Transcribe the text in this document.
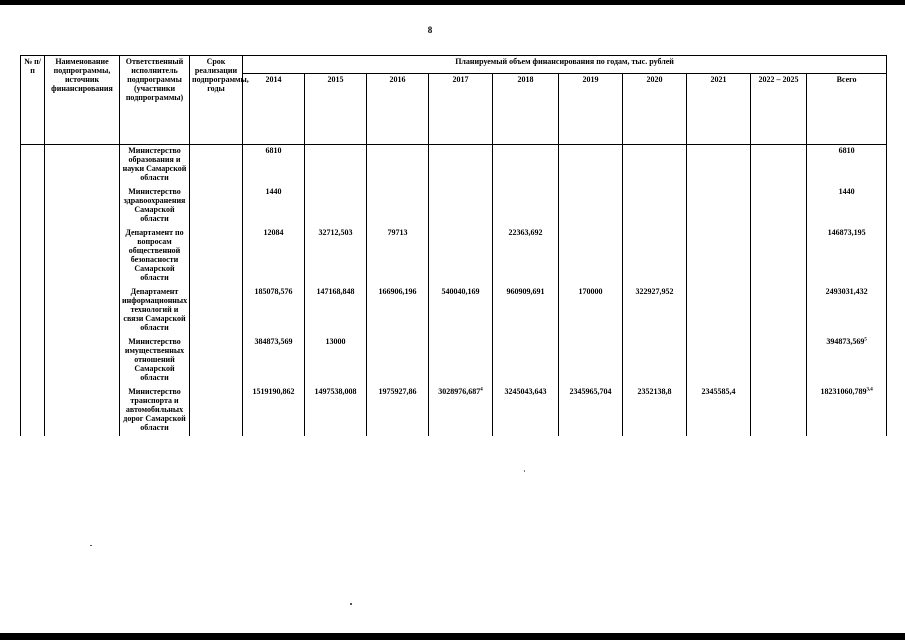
8
№ п/п	Наименование подпрограммы, источник финансирования	Ответственный исполнитель подпрограммы (участники подпрограммы)	Срок реализации подпрограммы, годы	Планируемый объем финансирования по годам, тыс. рублей									
				2014	2015	2016	2017	2018	2019	2020	2021	2022 – 2025	Всего
		Министерство образования и науки Самарской области		6810									6810
		Министерство здравоохранения Самарской области		1440									1440
		Департамент по вопросам общественной безопасности Самарской области		12084	32712,503	79713		22363,692					146873,195
		Департамент информационных технологий и связи Самарской области		185078,576	147168,848	166906,196	540040,169	960909,691	170000	322927,952			2493031,432
		Министерство имущественных отношений Самарской области		384873,569	13000								394873,569$^5$
		Министерство транспорта и автомобильных дорог Самарской области		1519190,862	1497538,008	1975927,86	3028976,687$^4$	3245043,643	2345965,704	2352138,8	2345585,4		18231060,789$^{3,4}$
